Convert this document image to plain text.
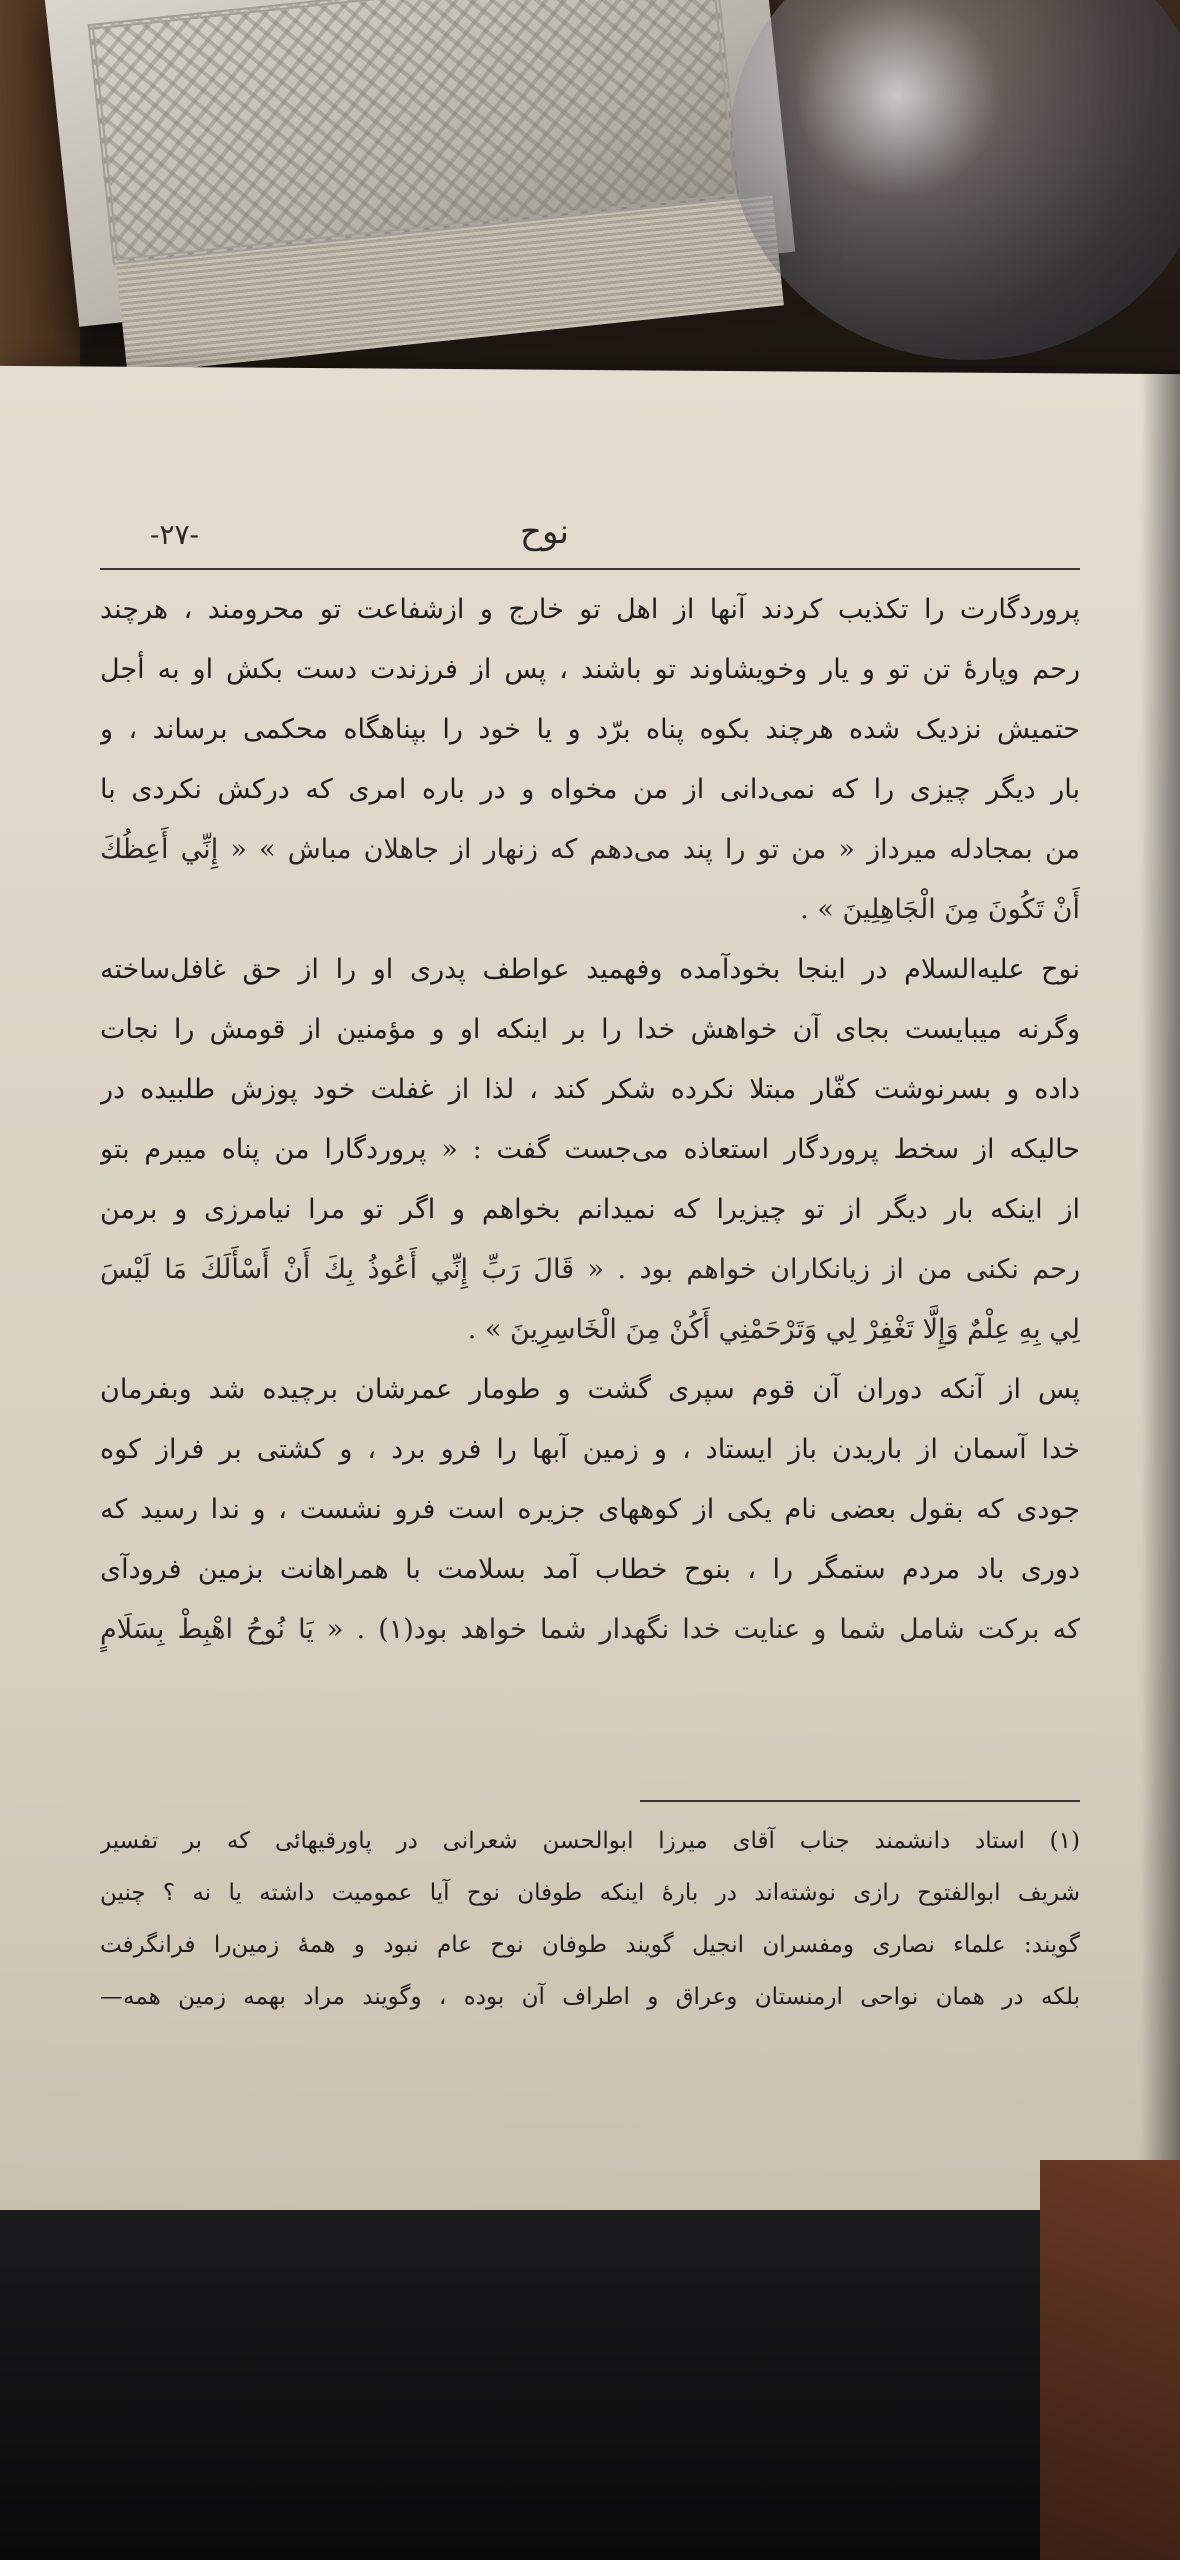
-۲۷-	نوح
پروردگارت را تکذیب کردند آنها از اهل تو خارج و ازشفاعت تو محرومند ، هرچند
رحم وپارهٔ تن تو و یار وخویشاوند تو باشند ، پس از فرزندت دست بکش او به أجل
حتمیش نزدیک شده هرچند بکوه پناه برّد و یا خود را بپناهگاه محکمی برساند ، و
بار دیگر چیزی را که نمی‌دانی از من مخواه و در باره امری که درکش نکردی با
من بمجادله میرداز « من تو را پند می‌دهم که زنهار از جاهلان مباش » « إِنِّي أَعِظُكَ
أَنْ تَكُونَ مِنَ الْجَاهِلِينَ » .
نوح علیه‌السلام در اینجا بخودآمده وفهمید عواطف پدری او را از حق غافل‌ساخته
وگرنه میبایست بجای آن خواهش خدا را بر اینکه او و مؤمنین از قومش را نجات
داده و بسرنوشت کفّار مبتلا نکرده شکر کند ، لذا از غفلت خود پوزش طلبیده در
حالیکه از سخط پروردگار استعاذه می‌جست گفت : « پروردگارا من پناه میبرم بتو
از اینکه بار دیگر از تو چیزیرا که نمیدانم بخواهم و اگر تو مرا نیامرزی و برمن
رحم نکنی من از زیانکاران خواهم بود . « قَالَ رَبِّ إِنِّي أَعُوذُ بِكَ أَنْ أَسْأَلَكَ مَا لَيْسَ
لِي بِهِ عِلْمٌ وَإِلَّا تَغْفِرْ لِي وَتَرْحَمْنِي أَكُنْ مِنَ الْخَاسِرِينَ » .
پس از آنکه دوران آن قوم سپری گشت و طومار عمرشان برچیده شد وبفرمان
خدا آسمان از باریدن باز ایستاد ، و زمین آبها را فرو برد ، و کشتی بر فراز کوه
جودی که بقول بعضی نام یکی از کوههای جزیره است فرو نشست ، و ندا رسید که
دوری باد مردم ستمگر را ، بنوح خطاب آمد بسلامت با همراهانت بزمین فرودآی
که برکت شامل شما و عنایت خدا نگهدار شما خواهد بود(۱) . « يَا نُوحُ اهْبِطْ بِسَلَامٍ
(۱) استاد دانشمند جناب آقای میرزا ابوالحسن شعرانی در پاورقیهائی که بر تفسیر
شریف ابوالفتوح رازی نوشته‌اند در بارهٔ اینکه طوفان نوح آیا عمومیت داشته یا نه ؟ چنین
گویند: علماء نصاری ومفسران انجیل گویند طوفان نوح عام نبود و همهٔ زمین‌را فرانگرفت
بلکه در همان نواحی ارمنستان وعراق و اطراف آن بوده ، وگویند مراد بهمه زمین همه—
